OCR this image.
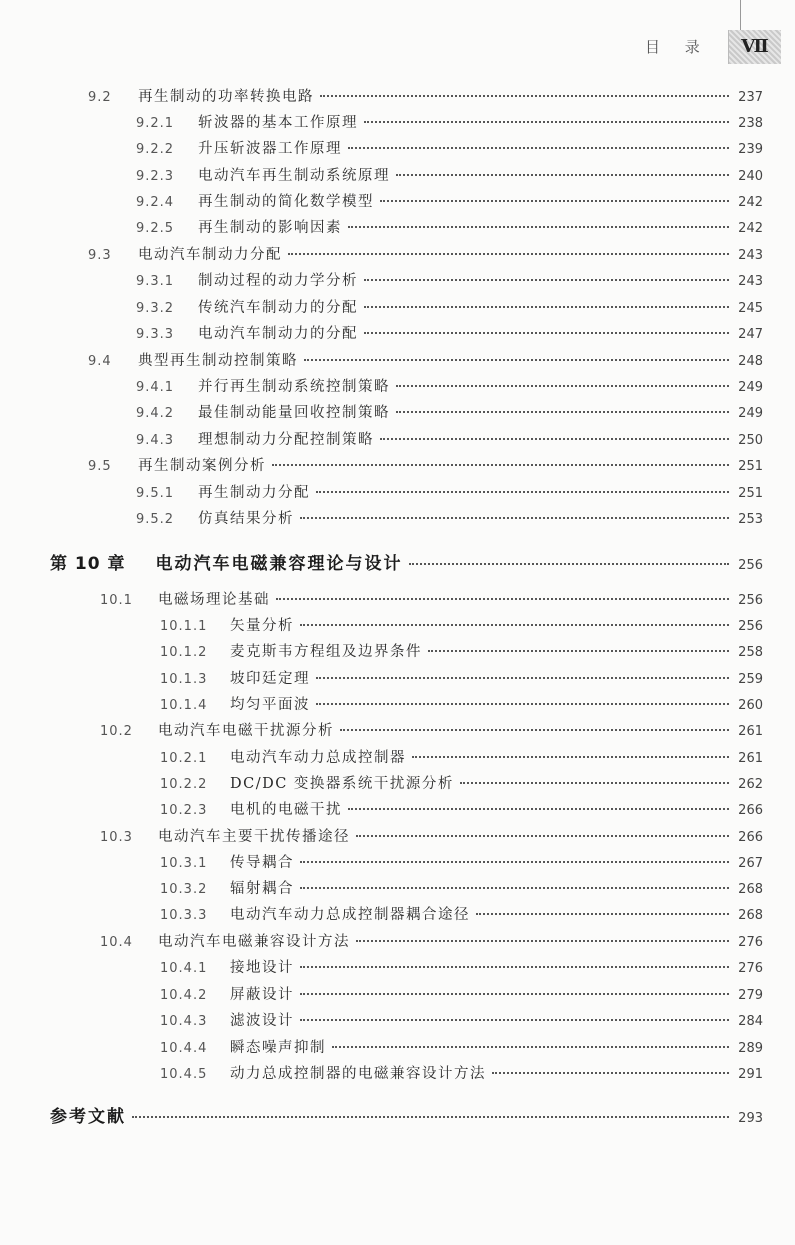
目 录	Ⅶ
9.2	再生制动的功率转换电路	237
9.2.1	斩波器的基本工作原理	238
9.2.2	升压斩波器工作原理	239
9.2.3	电动汽车再生制动系统原理	240
9.2.4	再生制动的简化数学模型	242
9.2.5	再生制动的影响因素	242
9.3	电动汽车制动力分配	243
9.3.1	制动过程的动力学分析	243
9.3.2	传统汽车制动力的分配	245
9.3.3	电动汽车制动力的分配	247
9.4	典型再生制动控制策略	248
9.4.1	并行再生制动系统控制策略	249
9.4.2	最佳制动能量回收控制策略	249
9.4.3	理想制动力分配控制策略	250
9.5	再生制动案例分析	251
9.5.1	再生制动力分配	251
9.5.2	仿真结果分析	253
第 10 章 电动汽车电磁兼容理论与设计	256
10.1	电磁场理论基础	256
10.1.1	矢量分析	256
10.1.2	麦克斯韦方程组及边界条件	258
10.1.3	坡印廷定理	259
10.1.4	均匀平面波	260
10.2	电动汽车电磁干扰源分析	261
10.2.1	电动汽车动力总成控制器	261
10.2.2	DC/DC 变换器系统干扰源分析	262
10.2.3	电机的电磁干扰	266
10.3	电动汽车主要干扰传播途径	266
10.3.1	传导耦合	267
10.3.2	辐射耦合	268
10.3.3	电动汽车动力总成控制器耦合途径	268
10.4	电动汽车电磁兼容设计方法	276
10.4.1	接地设计	276
10.4.2	屏蔽设计	279
10.4.3	滤波设计	284
10.4.4	瞬态噪声抑制	289
10.4.5	动力总成控制器的电磁兼容设计方法	291
参考文献	293
